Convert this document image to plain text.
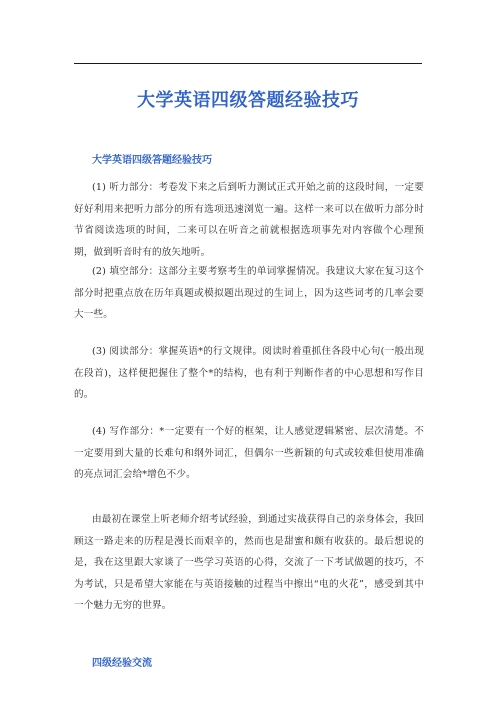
大学英语四级答题经验技巧
大学英语四级答题经验技巧

(1) 听力部分：考卷发下来之后到听力测试正式开始之前的这段时间，一定要好好利用来把听力部分的所有选项迅速浏览一遍。这样一来可以在做听力部分时节省阅读选项的时间，二来可以在听音之前就根据选项事先对内容做个心理预期，做到听音时有的放矢地听。

(2) 填空部分：这部分主要考察考生的单词掌握情况。我建议大家在复习这个部分时把重点放在历年真题或模拟题出现过的生词上，因为这些词考的几率会要大一些。

(3) 阅读部分：掌握英语*的行文规律。阅读时着重抓住各段中心句(一般出现在段首)，这样便把握住了整个*的结构，也有利于判断作者的中心思想和写作目的。

(4) 写作部分：*一定要有一个好的框架，让人感觉逻辑紧密、层次清楚。不一定要用到大量的长难句和纲外词汇，但偶尔一些新颖的句式或较难但使用准确的亮点词汇会给*增色不少。

由最初在课堂上听老师介绍考试经验，到通过实战获得自己的亲身体会，我回顾这一路走来的历程是漫长而艰辛的，然而也是甜蜜和颇有收获的。最后想说的是，我在这里跟大家谈了一些学习英语的心得，交流了一下考试做题的技巧，不为考试，只是希望大家能在与英语接触的过程当中擦出“电的火花”，感受到其中一个魅力无穷的世界。

四级经验交流
